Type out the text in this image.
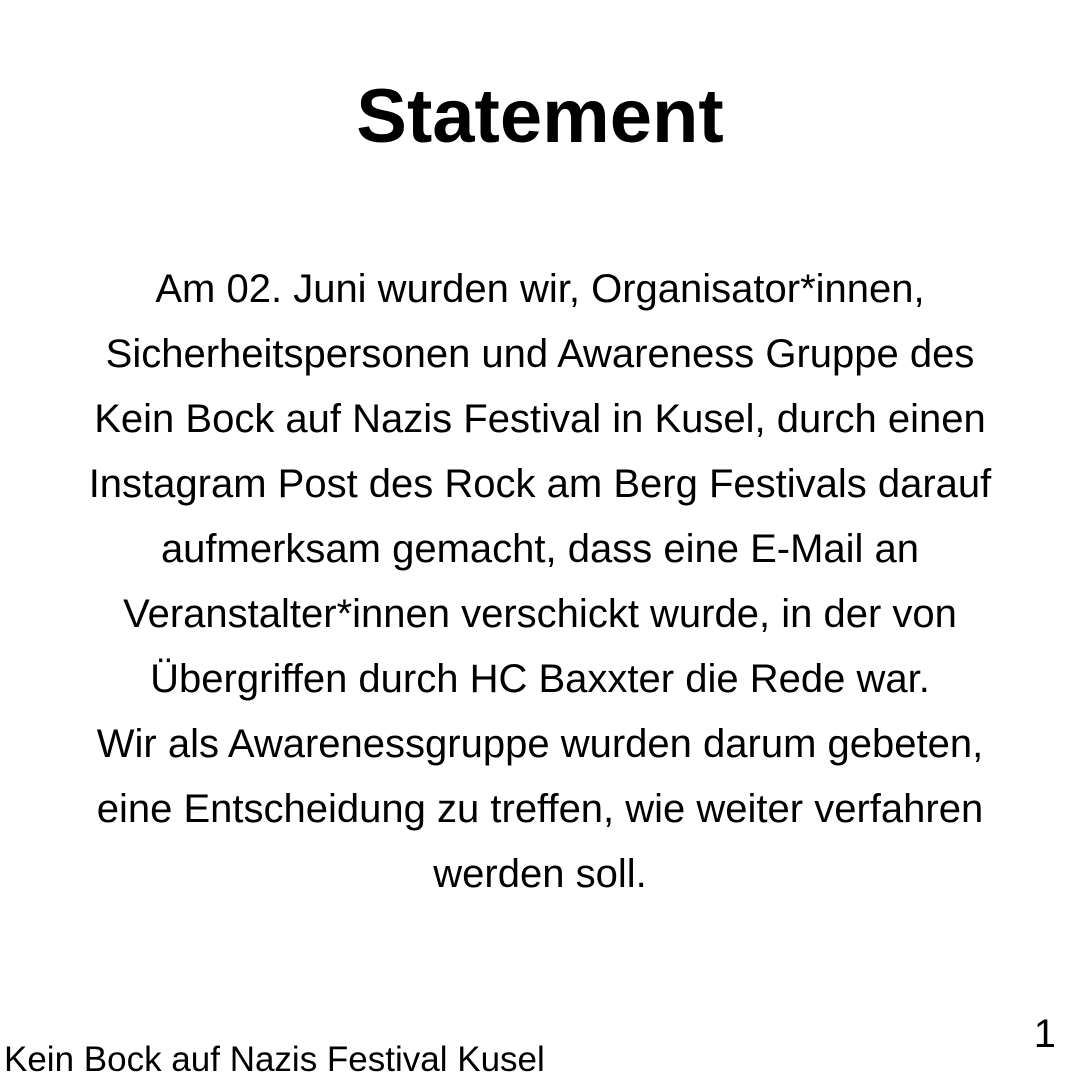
Statement
Am 02. Juni wurden wir, Organisator*innen,
Sicherheitspersonen und Awareness Gruppe des
Kein Bock auf Nazis Festival in Kusel, durch einen
Instagram Post des Rock am Berg Festivals darauf
aufmerksam gemacht, dass eine E-Mail an
Veranstalter*innen verschickt wurde, in der von
Übergriffen durch HC Baxxter die Rede war.
Wir als Awarenessgruppe wurden darum gebeten,
eine Entscheidung zu treffen, wie weiter verfahren
werden soll.
1
Kein Bock auf Nazis Festival Kusel
